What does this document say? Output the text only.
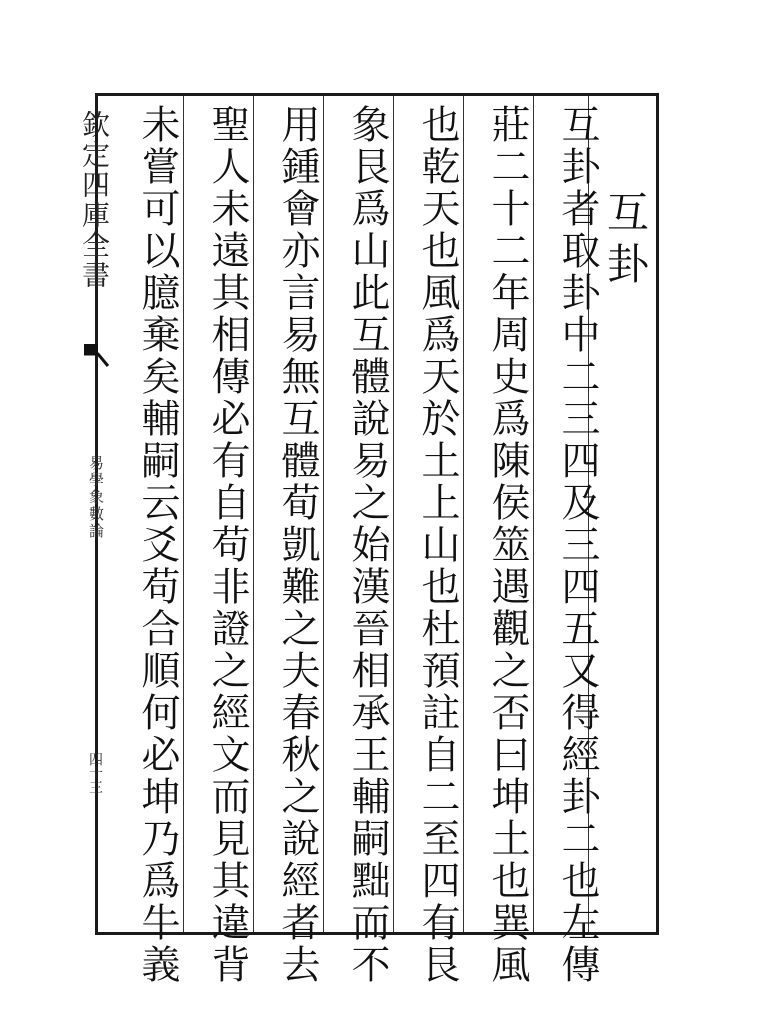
互卦
互卦者取卦中二三四及三四五又得經卦二也左傳
莊二十二年周史爲陳侯筮遇觀之否曰坤土也巽風
也乾天也風爲天於土上山也杜預註自二至四有艮
象艮爲山此互體說易之始漢晉相承王輔嗣黜而不
用鍾會亦言易無互體荀凱難之夫春秋之說經者去
聖人未遠其相傳必有自苟非證之經文而見其違背
未嘗可以臆棄矣輔嗣云爻苟合順何必坤乃爲牛義
欽定四庫全書
易學象數論
四十三
